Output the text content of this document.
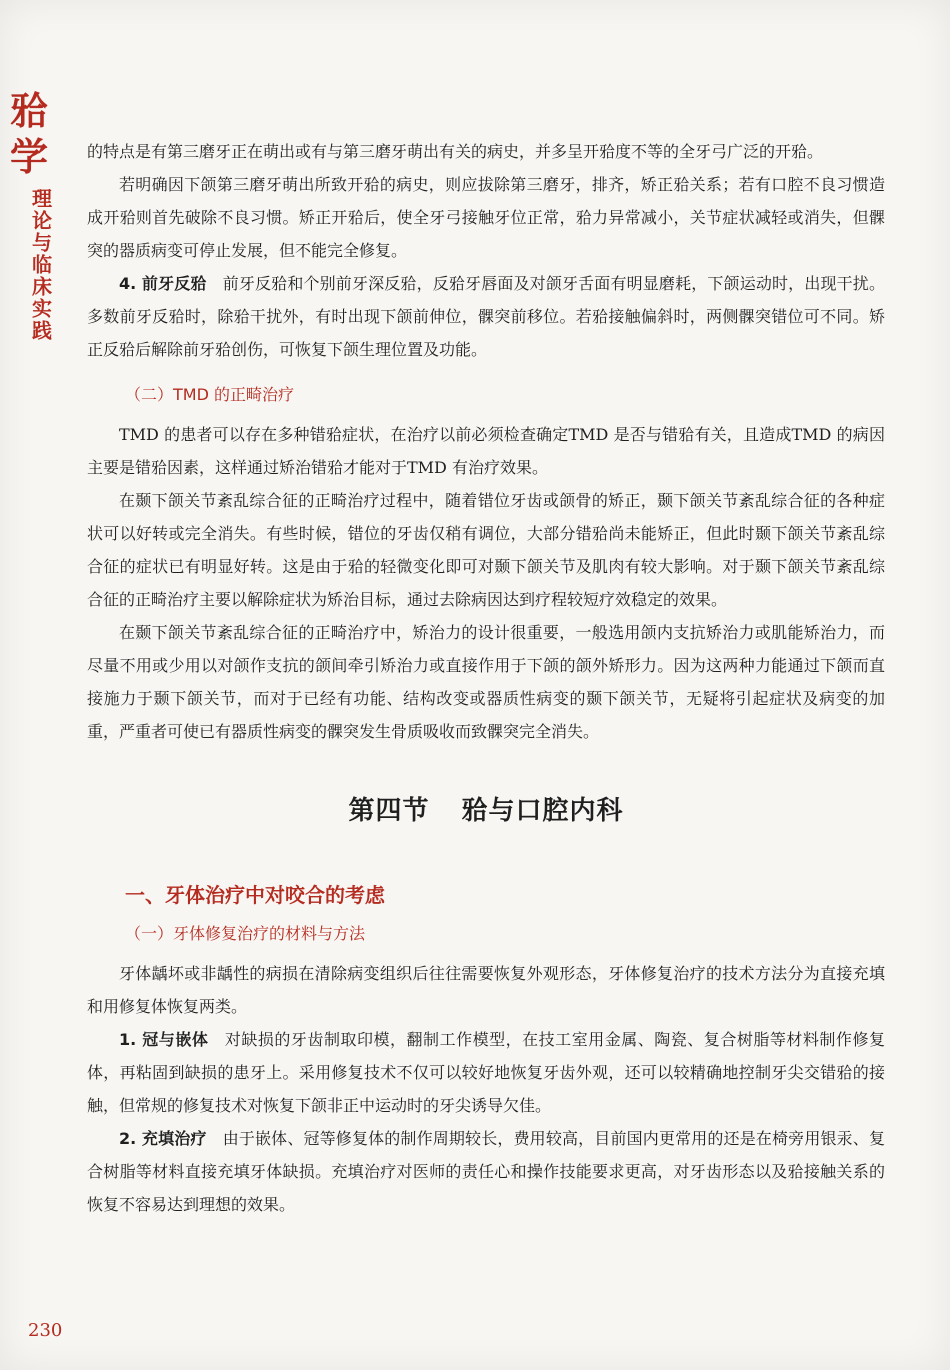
𬌗学
理论与临床实践

的特点是有第三磨牙正在萌出或有与第三磨牙萌出有关的病史，并多呈开𬌗度不等的全牙弓广泛的开𬌗。

若明确因下颌第三磨牙萌出所致开𬌗的病史，则应拔除第三磨牙，排齐，矫正𬌗关系；若有口腔不良习惯造成开𬌗则首先破除不良习惯。矫正开𬌗后，使全牙弓接触牙位正常，𬌗力异常减小，关节症状减轻或消失，但髁突的器质病变可停止发展，但不能完全修复。

4. 前牙反𬌗　 前牙反𬌗和个别前牙深反𬌗，反𬌗牙唇面及对颌牙舌面有明显磨耗，下颌运动时，出现干扰。多数前牙反𬌗时，除𬌗干扰外，有时出现下颌前伸位，髁突前移位。若𬌗接触偏斜时，两侧髁突错位可不同。矫正反𬌗后解除前牙𬌗创伤，可恢复下颌生理位置及功能。

（二）TMD 的正畸治疗

TMD 的患者可以存在多种错𬌗症状，在治疗以前必须检查确定TMD 是否与错𬌗有关，且造成TMD 的病因主要是错𬌗因素，这样通过矫治错𬌗才能对于TMD 有治疗效果。

在颞下颌关节紊乱综合征的正畸治疗过程中，随着错位牙齿或颌骨的矫正，颞下颌关节紊乱综合征的各种症状可以好转或完全消失。有些时候，错位的牙齿仅稍有调位，大部分错𬌗尚未能矫正，但此时颞下颌关节紊乱综合征的症状已有明显好转。这是由于𬌗的轻微变化即可对颞下颌关节及肌肉有较大影响。对于颞下颌关节紊乱综合征的正畸治疗主要以解除症状为矫治目标，通过去除病因达到疗程较短疗效稳定的效果。

在颞下颌关节紊乱综合征的正畸治疗中，矫治力的设计很重要，一般选用颌内支抗矫治力或肌能矫治力，而尽量不用或少用以对颌作支抗的颌间牵引矫治力或直接作用于下颌的颌外矫形力。因为这两种力能通过下颌而直接施力于颞下颌关节，而对于已经有功能、结构改变或器质性病变的颞下颌关节，无疑将引起症状及病变的加重，严重者可使已有器质性病变的髁突发生骨质吸收而致髁突完全消失。

第四节 𬌗与口腔内科
一、牙体治疗中对咬合的考虑
（一）牙体修复治疗的材料与方法

牙体龋坏或非龋性的病损在清除病变组织后往往需要恢复外观形态，牙体修复治疗的技术方法分为直接充填和用修复体恢复两类。

1. 冠与嵌体　 对缺损的牙齿制取印模，翻制工作模型，在技工室用金属、陶瓷、复合树脂等材料制作修复体，再粘固到缺损的患牙上。采用修复技术不仅可以较好地恢复牙齿外观，还可以较精确地控制牙尖交错𬌗的接触，但常规的修复技术对恢复下颌非正中运动时的牙尖诱导欠佳。

2. 充填治疗　 由于嵌体、冠等修复体的制作周期较长，费用较高，目前国内更常用的还是在椅旁用银汞、复合树脂等材料直接充填牙体缺损。充填治疗对医师的责任心和操作技能要求更高，对牙齿形态以及𬌗接触关系的恢复不容易达到理想的效果。

230
